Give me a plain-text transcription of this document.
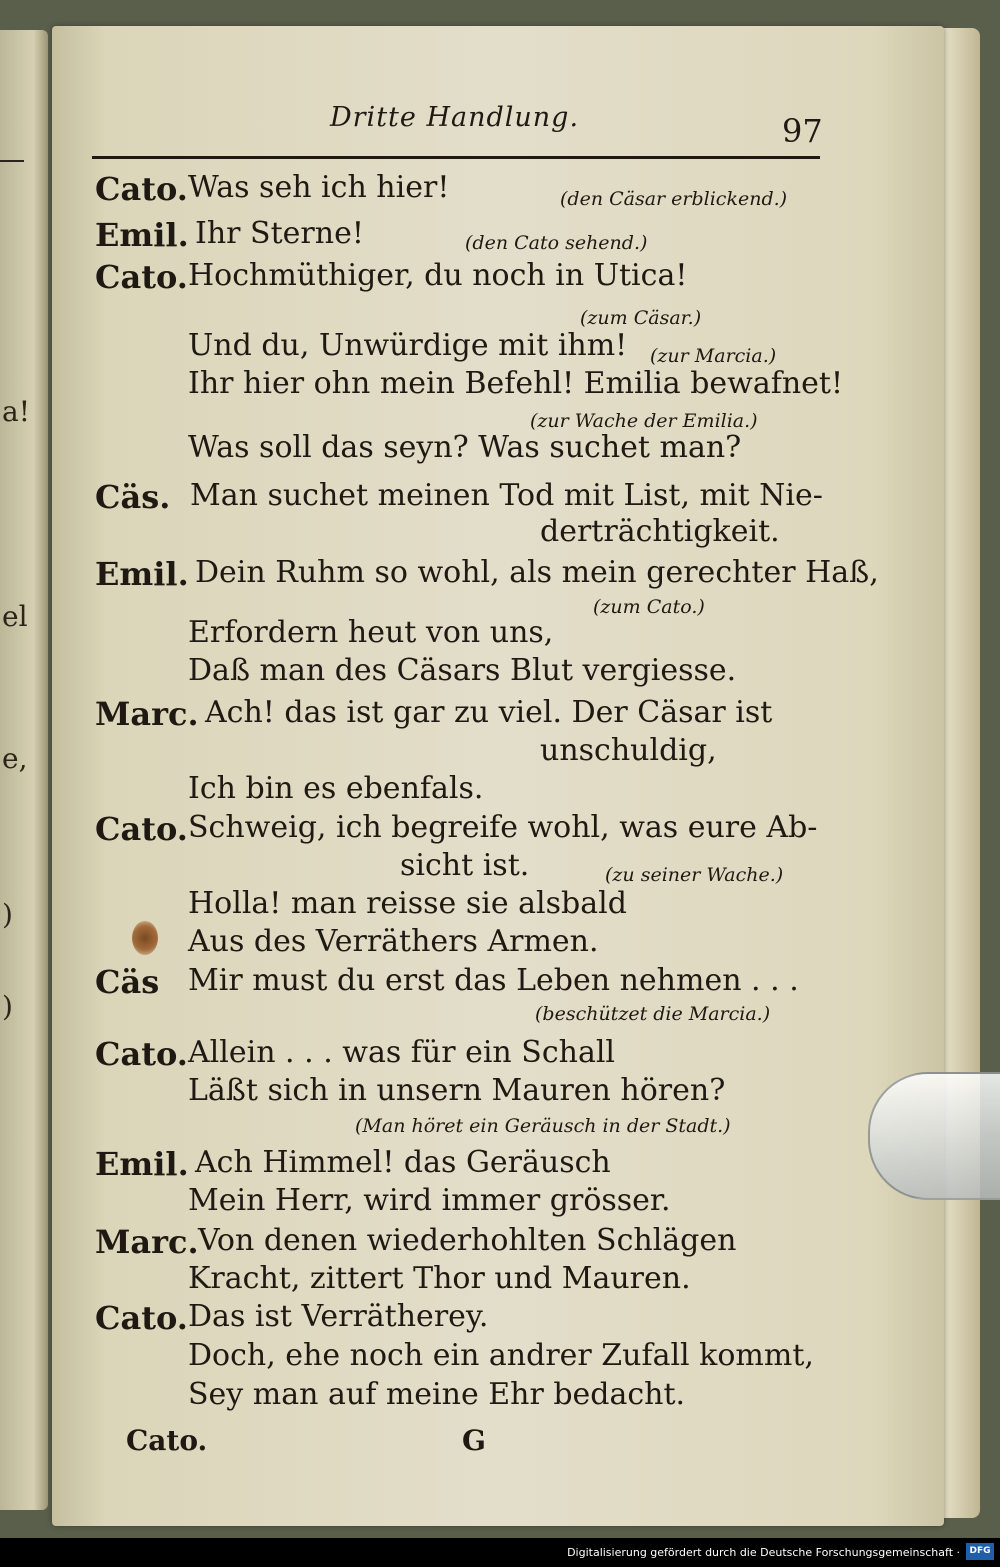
a!
el
e,
)
)
Dritte Handlung.	97
Cato. Was seh ich hier!	(den Cäsar erblickend.)
Emil. Ihr Sterne!	(den Cato sehend.)
Cato. Hochmüthiger, du noch in Utica!
(zum Cäsar.)
Und du, Unwürdige mit ihm! (zur Marcia.)
Ihr hier ohn mein Befehl! Emilia bewafnet!
(zur Wache der Emilia.)
Was soll das seyn? Was suchet man?
Cäs. Man suchet meinen Tod mit List, mit Nie-
derträchtigkeit.
Emil. Dein Ruhm so wohl, als mein gerechter Haß,
(zum Cato.)
Erfordern heut von uns,
Daß man des Cäsars Blut vergiesse.
Marc. Ach! das ist gar zu viel. Der Cäsar ist
unschuldig,
Ich bin es ebenfals.
Cato. Schweig, ich begreife wohl, was eure Ab-
sicht ist.	(zu seiner Wache.)
Holla! man reisse sie alsbald
Aus des Verräthers Armen.
Cäs Mir must du erst das Leben nehmen . . .
(beschützet die Marcia.)
Cato. Allein . . . was für ein Schall
Läßt sich in unsern Mauren hören?
(Man höret ein Geräusch in der Stadt.)
Emil. Ach Himmel! das Geräusch
Mein Herr, wird immer grösser.
Marc. Von denen wiederhohlten Schlägen
Kracht, zittert Thor und Mauren.
Cato. Das ist Verrätherey.
Doch, ehe noch ein andrer Zufall kommt,
Sey man auf meine Ehr bedacht.
Cato.	G
Digitalisierung gefördert durch die Deutsche Forschungsgemeinschaft ·	DFG
